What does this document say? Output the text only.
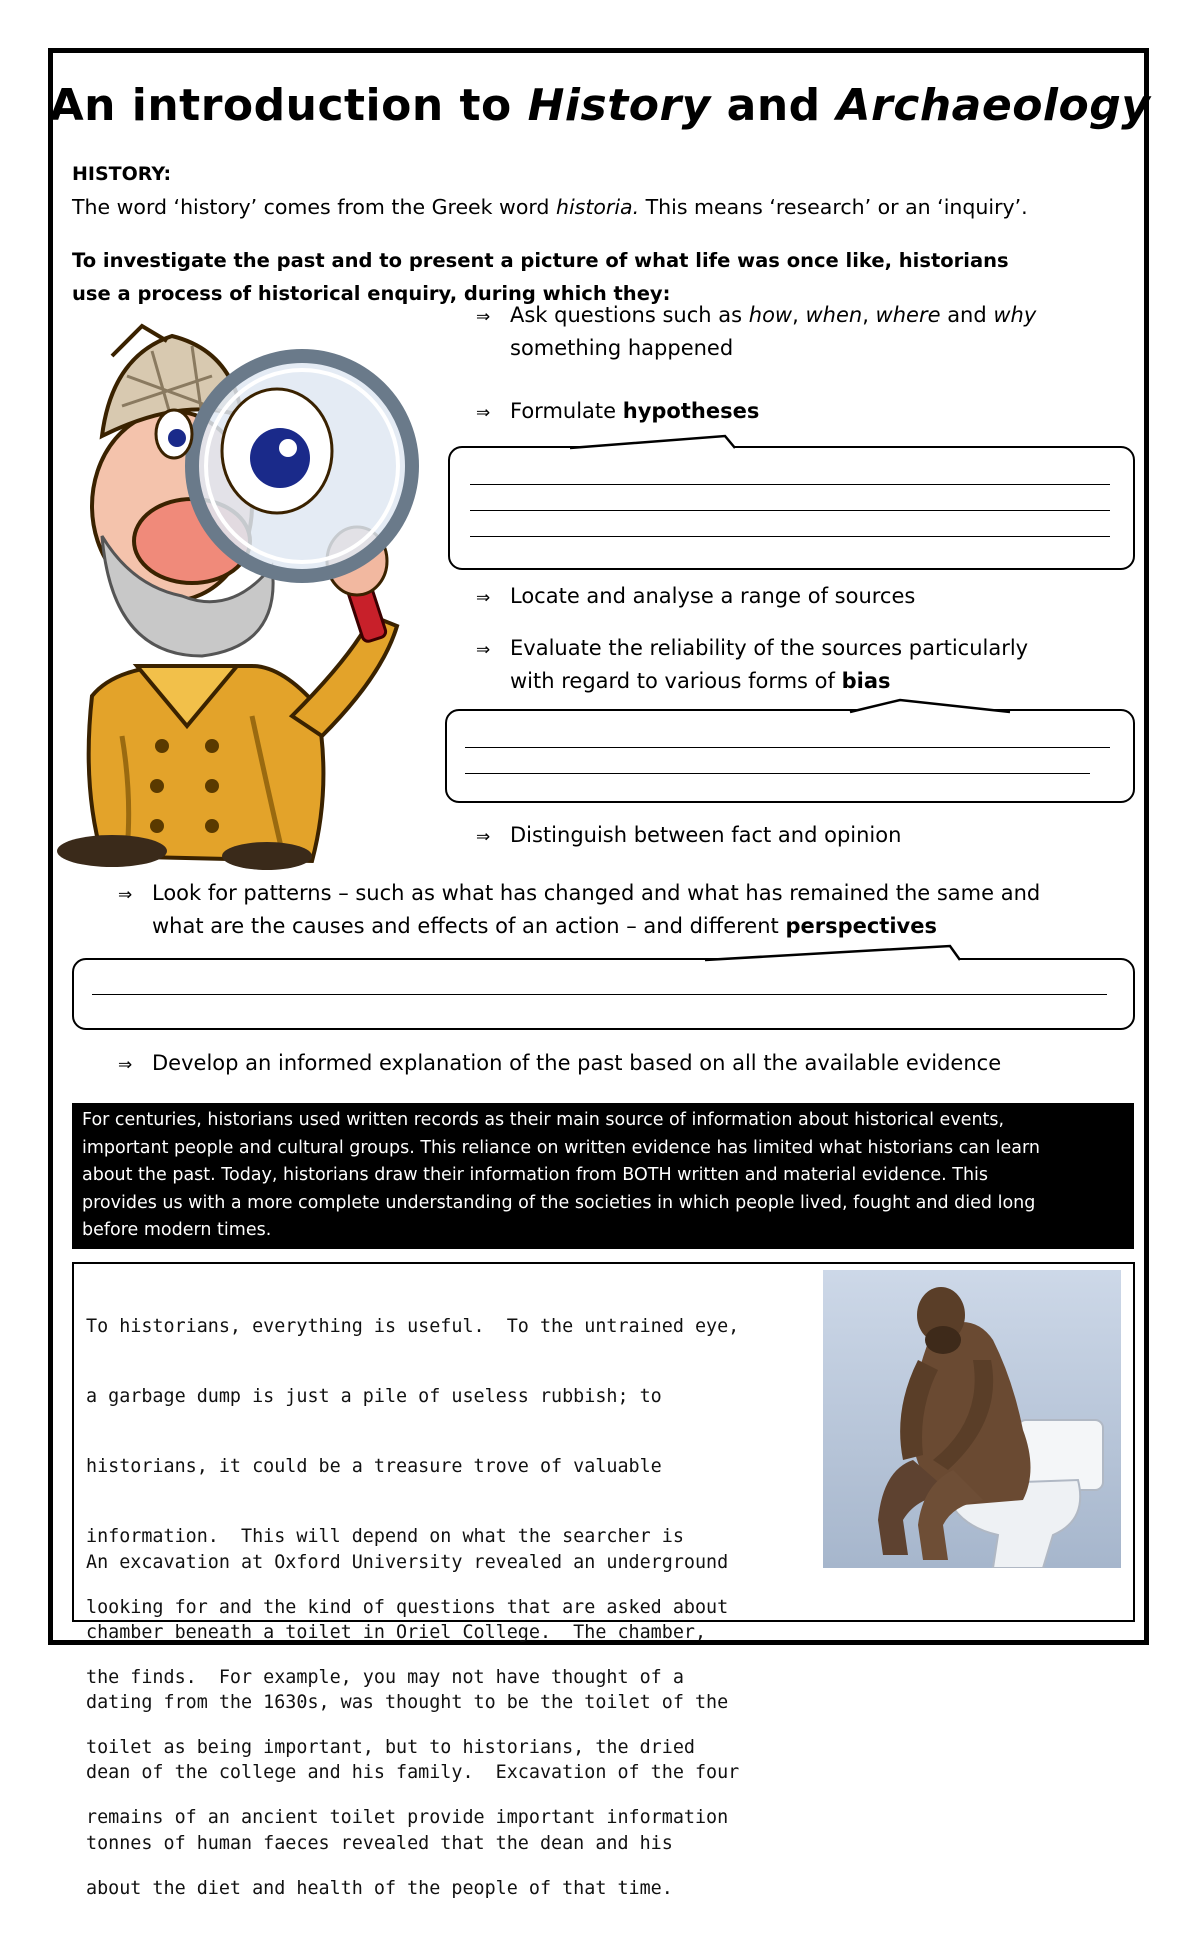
An introduction to History and Archaeology
HISTORY:
The word ‘history’ comes from the Greek word historia. This means ‘research’ or an ‘inquiry’.
To investigate the past and to present a picture of what life was once like, historians
use a process of historical enquiry, during which they:
⇒ Ask questions such as how, when, where and why
something happened
⇒ Formulate hypotheses
⇒ Locate and analyse a range of sources
⇒ Evaluate the reliability of the sources particularly
with regard to various forms of bias
⇒ Distinguish between fact and opinion
⇒ Look for patterns – such as what has changed and what has remained the same and
what are the causes and effects of an action – and different perspectives
⇒ Develop an informed explanation of the past based on all the available evidence
For centuries, historians used written records as their main source of information about historical events,
important people and cultural groups. This reliance on written evidence has limited what historians can learn
about the past. Today, historians draw their information from BOTH written and material evidence. This
provides us with a more complete understanding of the societies in which people lived, fought and died long
before modern times.

To historians, everything is useful.  To the untrained eye,

a garbage dump is just a pile of useless rubbish; to

historians, it could be a treasure trove of valuable

information.  This will depend on what the searcher is

looking for and the kind of questions that are asked about

the finds.  For example, you may not have thought of a

toilet as being important, but to historians, the dried

remains of an ancient toilet provide important information

about the diet and health of the people of that time.

An excavation at Oxford University revealed an underground

chamber beneath a toilet in Oriel College.  The chamber,

dating from the 1630s, was thought to be the toilet of the

dean of the college and his family.  Excavation of the four

tonnes of human faeces revealed that the dean and his
